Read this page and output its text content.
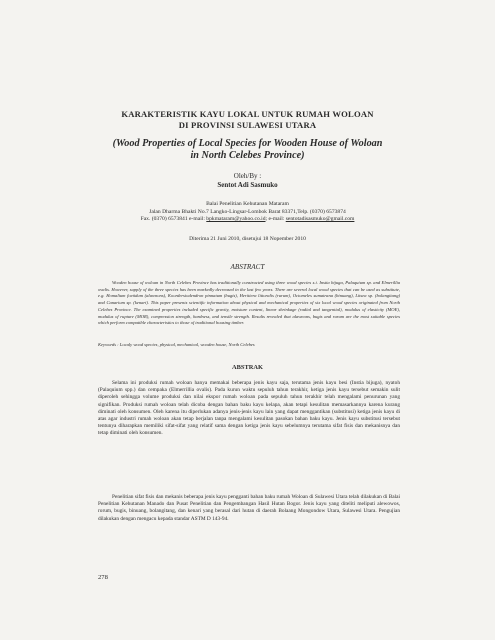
KARAKTERISTIK KAYU LOKAL UNTUK RUMAH WOLOAN
DI PROVINSI SULAWESI UTARA
(Wood Properties of Local Species for Wooden House of Woloan
in North Celebes Province)
Oleh/By :
Sentot Adi Sasmuko
Balai Penelitian Kehutanan Mataram
Jalan Dharma Bhakti No.7 Langko-Lingsar-Lombok Barat 83371,Telp. (0370) 6573874
Fax. (0370) 6573841 e-mail: bpkmataram@yahoo.co.id; e-mail: sentotadisasmuko@gmail.com
Diterima 21 Juni 2010, disetujui 18 Nopember 2010
ABSTRACT
Wooden house of woloan in North Celebes Province has traditionally constructed using three wood species s.i. Instia bijuga, Palaquium sp. and Elmerillia ovalis. However, supply of the three species has been markedly decreased in the last few years. There are several local wood species that can be used as substitute, e.g. Homalium foetidum (alawnons), Koordersiodendron pinnatum (bugis), Heritiera littoralis (rurum), Octomeles sumatrana (binuang), Litsea sp. (bolangitang) and Canarium sp. (kenari). This paper presents scientific information about physical and mechanical properties of six local wood species originated from North Celebes Province. The examined properties included specific gravity, moisture content, linear shrinkage (radial and tangential), modulus of elasticity (MOE), modulus of rupture (MOR), compression strength, hardness, and tensile strength. Results revealed that alawnons, bugis and rurum are the most suitable species which perform compatible characteristics to those of traditional housing timber.
Keywords : Localy wood species, physical, mechanical, wooden house, North Celebes
ABSTRAK
Selama ini produksi rumah woloan hanya memakai beberapa jenis kayu saja, terutama jenis kayu besi (Instia bijuga), nyatoh (Palaquium spp.) dan cempaka (Elmerrillia ovalis). Pada kurun waktu sepuluh tahun terakhir, ketiga jenis kayu tersebut semakin sulit diperoleh sehingga volume produksi dan nilai ekspor rumah woloan pada sepuluh tahun terakhir telah mengalami penurunan yang signifikan. Produksi rumah woloan telah dicoba dengan bahan baku kayu kelapa, akan tetapi kesulitan memasarkannya karena kurang diminati oleh konsumen. Oleh karena itu diperlukan adanya jenis-jenis kayu lain yang dapat menggantikan (substitusi) ketiga jenis kayu di atas agar industri rumah woloan akan tetap berjalan tanpa mengalami kesulitan pasokan bahan baku kayu. Jenis kayu substitusi tersebut tentunya diharapkan memiliki sifat-sifat yang relatif sama dengan ketiga jenis kayu sebelumnya terutama sifat fisis dan mekanisnya dan tetap diminati oleh konsumen.
Penelitian sifat fisis dan mekanis beberapa jenis kayu pengganti bahan baku rumah Woloan di Sulawesi Utara telah dilakukan di Balai Penelitian Kehutanan Manado dan Pusat Penelitian dan Pengembangan Hasil Hutan Bogor. Jenis kayu yang diteliti meliputi alewowos, rorum, bugis, binuang, bolangitang, dan kenari yang berasal dari hutan di daerah Bolaang Mongondow Utara, Sulawesi Utara. Pengujian dilakukan dengan mengacu kepada standar ASTM D 143-94.
278
